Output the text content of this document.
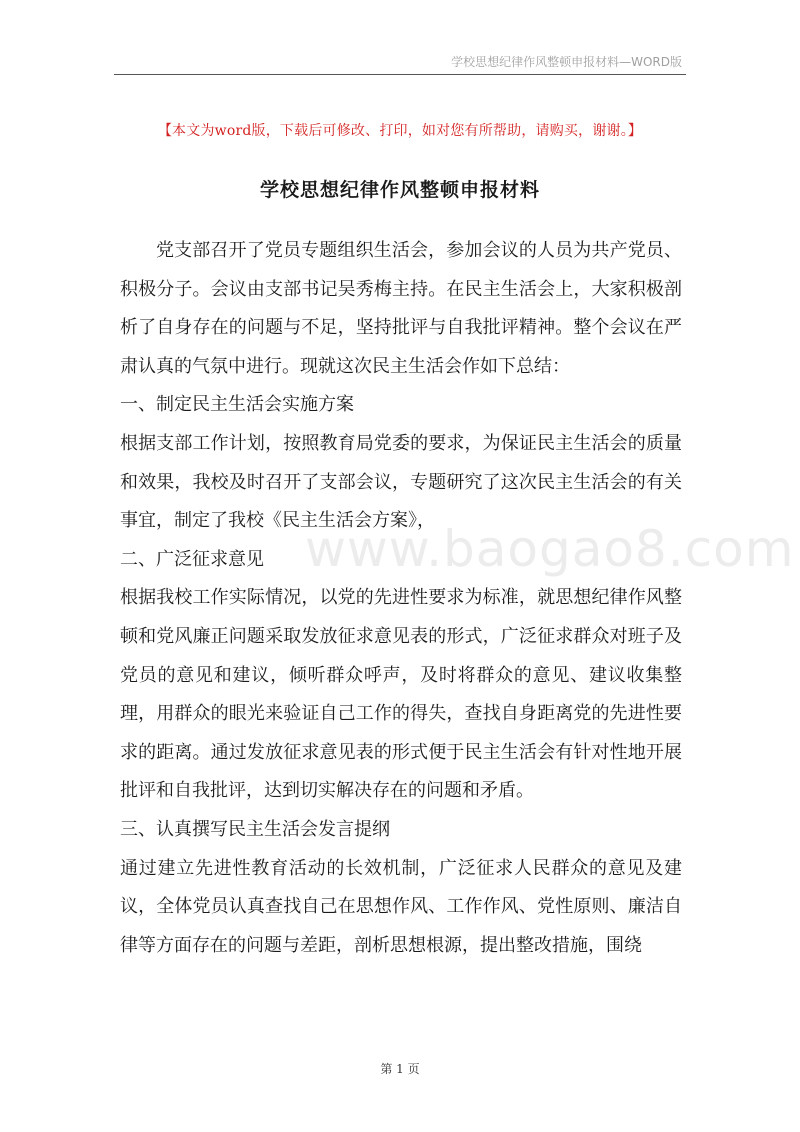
学校思想纪律作风整顿申报材料—WORD版
【本文为word版，下载后可修改、打印，如对您有所帮助，请购买，谢谢。】
学校思想纪律作风整顿申报材料

党支部召开了党员专题组织生活会，参加会议的人员为共产党员、积极分子。会议由支部书记吴秀梅主持。在民主生活会上，大家积极剖析了自身存在的问题与不足，坚持批评与自我批评精神。整个会议在严肃认真的气氛中进行。现就这次民主生活会作如下总结：

一、制定民主生活会实施方案

根据支部工作计划，按照教育局党委的要求，为保证民主生活会的质量和效果，我校及时召开了支部会议，专题研究了这次民主生活会的有关事宜，制定了我校《民主生活会方案》，

二、广泛征求意见

根据我校工作实际情况，以党的先进性要求为标准，就思想纪律作风整顿和党风廉正问题采取发放征求意见表的形式，广泛征求群众对班子及党员的意见和建议，倾听群众呼声，及时将群众的意见、建议收集整理，用群众的眼光来验证自己工作的得失，查找自身距离党的先进性要求的距离。通过发放征求意见表的形式便于民主生活会有针对性地开展批评和自我批评，达到切实解决存在的问题和矛盾。

三、认真撰写民主生活会发言提纲

通过建立先进性教育活动的长效机制，广泛征求人民群众的意见及建议，全体党员认真查找自己在思想作风、工作作风、党性原则、廉洁自律等方面存在的问题与差距，剖析思想根源，提出整改措施，围绕

www.baogao8.com
第 1 页
